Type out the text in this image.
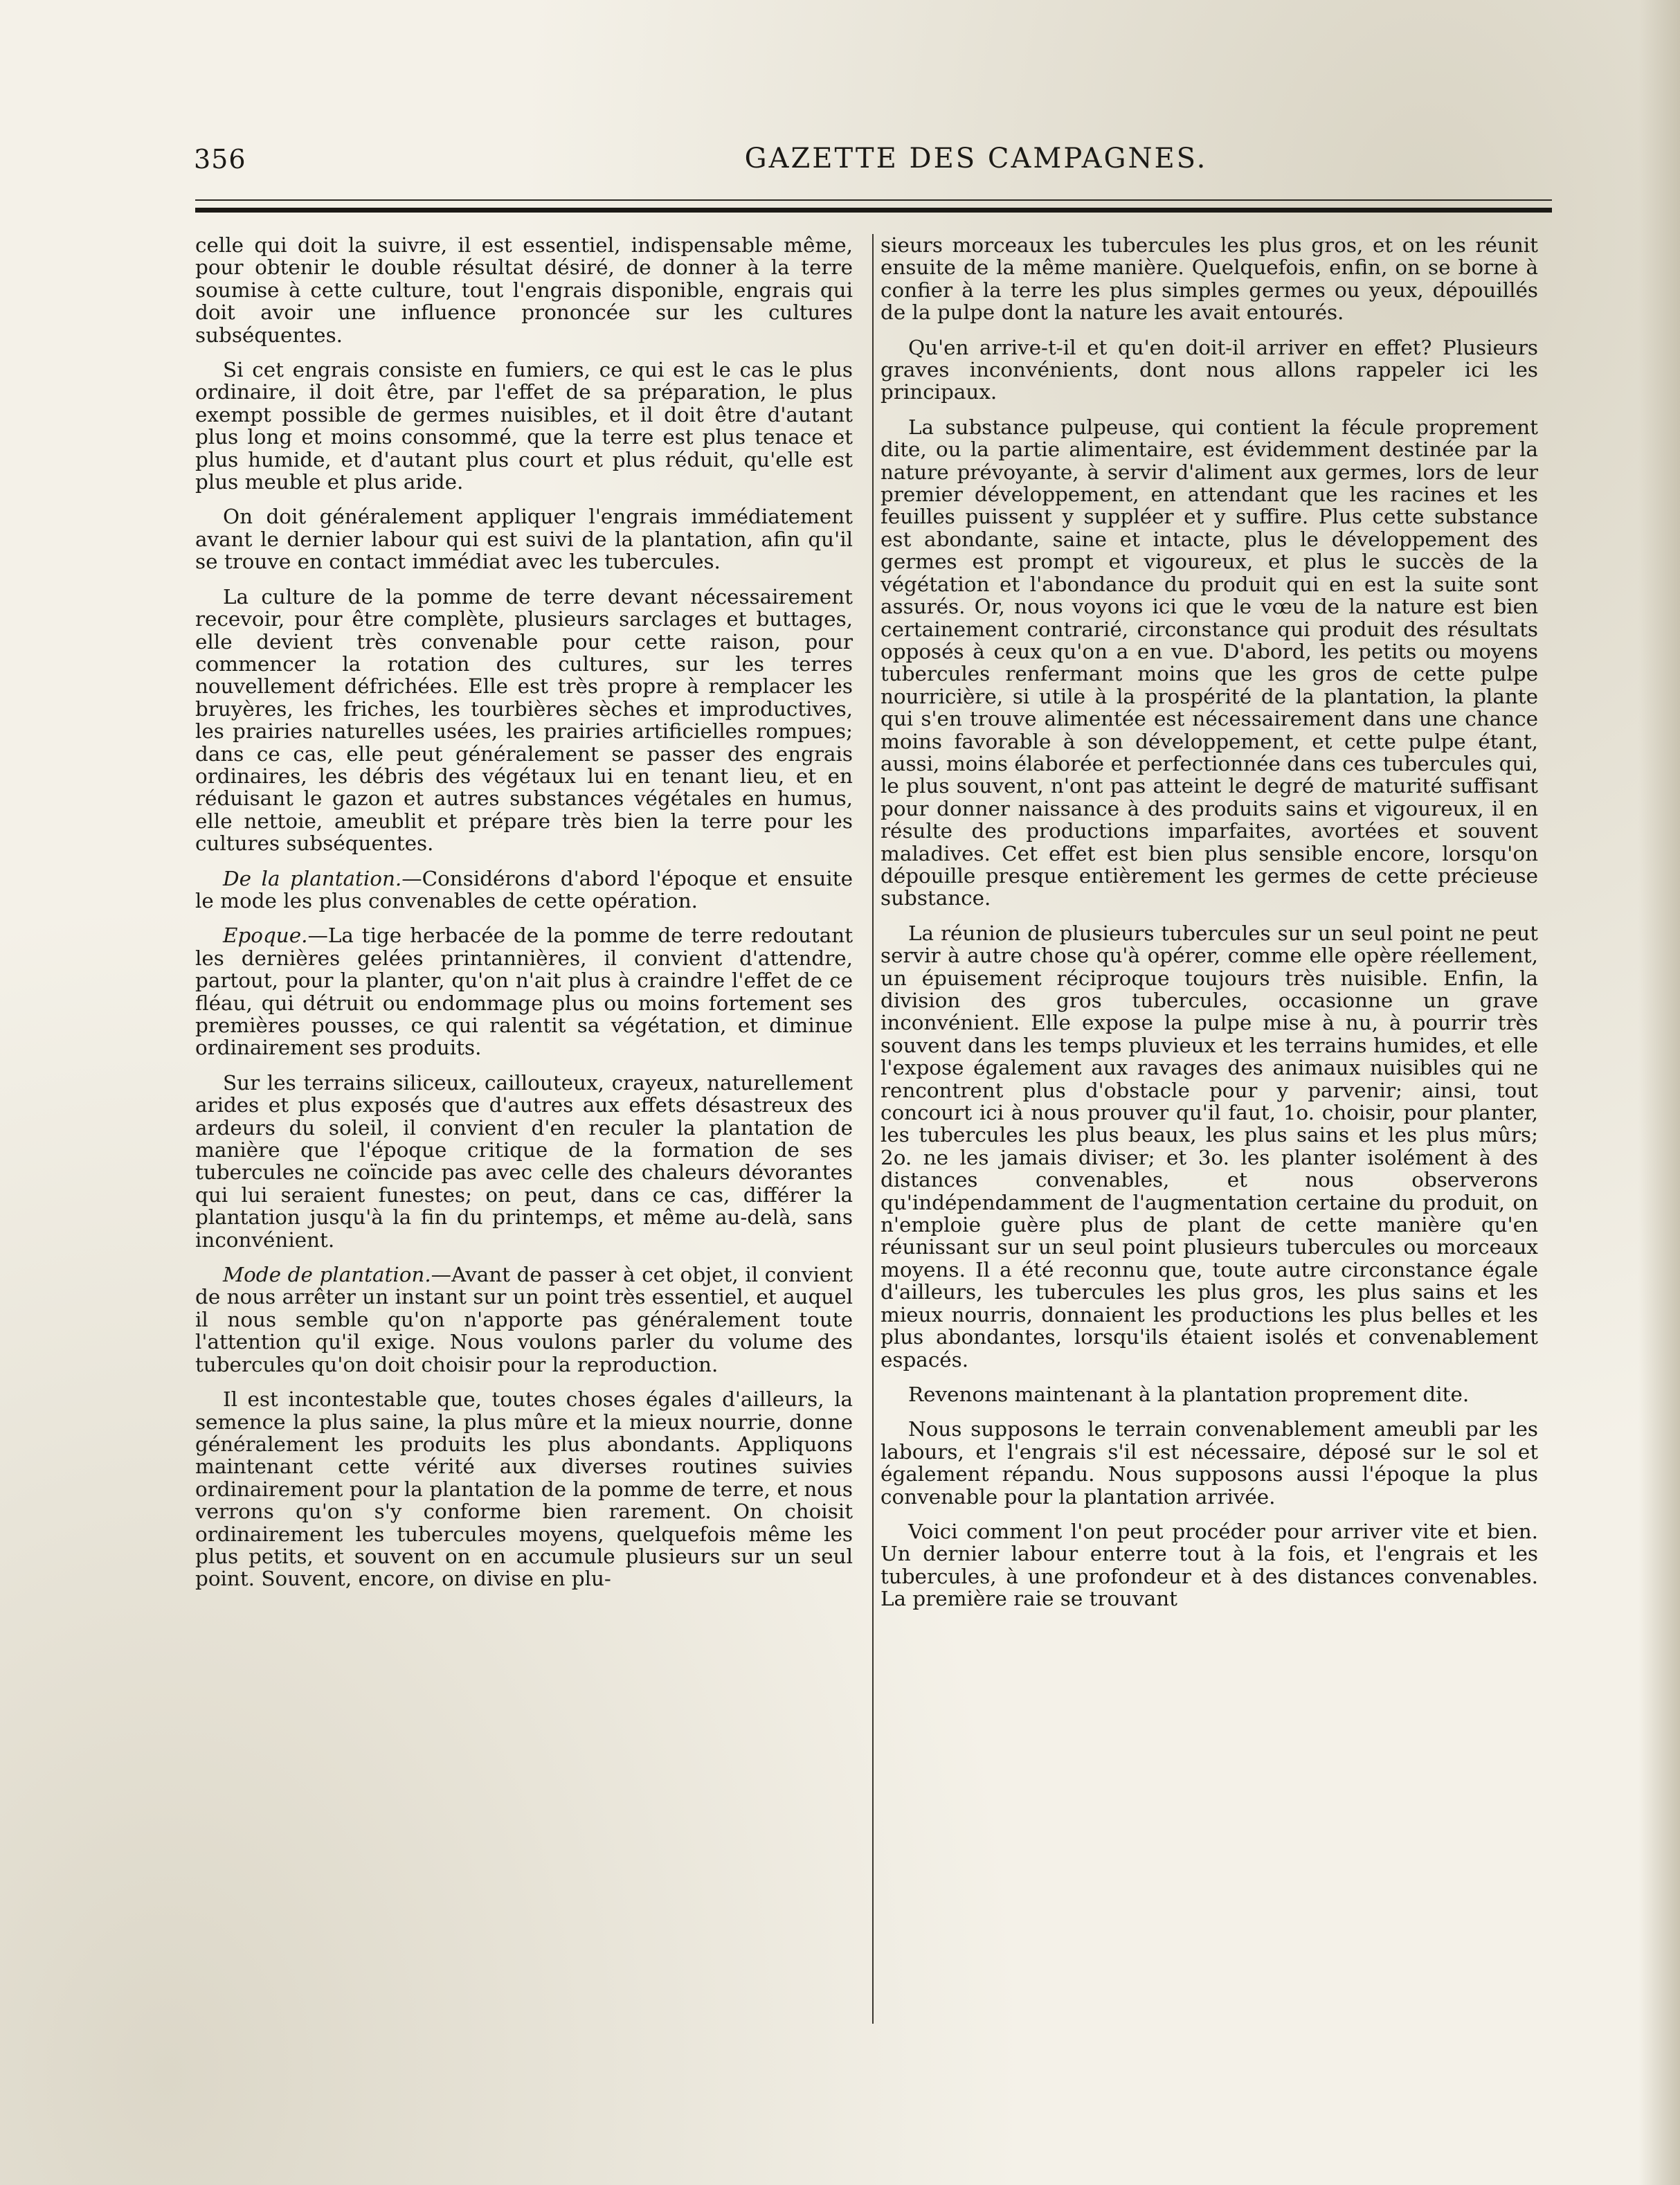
356	GAZETTE DES CAMPAGNES.

celle qui doit la suivre, il est essentiel, indispensable même, pour obtenir le double résultat désiré, de donner à la terre soumise à cette culture, tout l'engrais disponible, engrais qui doit avoir une influence prononcée sur les cultures subséquentes.

Si cet engrais consiste en fumiers, ce qui est le cas le plus ordinaire, il doit être, par l'effet de sa préparation, le plus exempt possible de germes nuisibles, et il doit être d'autant plus long et moins consommé, que la terre est plus tenace et plus humide, et d'autant plus court et plus réduit, qu'elle est plus meuble et plus aride.

On doit généralement appliquer l'engrais immédiatement avant le dernier labour qui est suivi de la plantation, afin qu'il se trouve en contact immédiat avec les tubercules.

La culture de la pomme de terre devant nécessairement recevoir, pour être complète, plusieurs sarclages et buttages, elle devient très convenable pour cette raison, pour commencer la rotation des cultures, sur les terres nouvellement défrichées. Elle est très propre à remplacer les bruyères, les friches, les tourbières sèches et improductives, les prairies naturelles usées, les prairies artificielles rompues; dans ce cas, elle peut généralement se passer des engrais ordinaires, les débris des végétaux lui en tenant lieu, et en réduisant le gazon et autres substances végétales en humus, elle nettoie, ameublit et prépare très bien la terre pour les cultures subséquentes.

De la plantation.—Considérons d'abord l'époque et ensuite le mode les plus convenables de cette opération.

Epoque.—La tige herbacée de la pomme de terre redoutant les dernières gelées printannières, il convient d'attendre, partout, pour la planter, qu'on n'ait plus à craindre l'effet de ce fléau, qui détruit ou endommage plus ou moins fortement ses premières pousses, ce qui ralentit sa végétation, et diminue ordinairement ses produits.

Sur les terrains siliceux, caillouteux, crayeux, naturellement arides et plus exposés que d'autres aux effets désastreux des ardeurs du soleil, il convient d'en reculer la plantation de manière que l'époque critique de la formation de ses tubercules ne coïncide pas avec celle des chaleurs dévorantes qui lui seraient funestes; on peut, dans ce cas, différer la plantation jusqu'à la fin du printemps, et même au-delà, sans inconvénient.

Mode de plantation.—Avant de passer à cet objet, il convient de nous arrêter un instant sur un point très essentiel, et auquel il nous semble qu'on n'apporte pas généralement toute l'attention qu'il exige. Nous voulons parler du volume des tubercules qu'on doit choisir pour la reproduction.

Il est incontestable que, toutes choses égales d'ailleurs, la semence la plus saine, la plus mûre et la mieux nourrie, donne généralement les produits les plus abondants. Appliquons maintenant cette vérité aux diverses routines suivies ordinairement pour la plantation de la pomme de terre, et nous verrons qu'on s'y conforme bien rarement. On choisit ordinairement les tubercules moyens, quelquefois même les plus petits, et souvent on en accumule plusieurs sur un seul point. Souvent, encore, on divise en plu-

sieurs morceaux les tubercules les plus gros, et on les réunit ensuite de la même manière. Quelquefois, enfin, on se borne à confier à la terre les plus simples germes ou yeux, dépouillés de la pulpe dont la nature les avait entourés.

Qu'en arrive-t-il et qu'en doit-il arriver en effet? Plusieurs graves inconvénients, dont nous allons rappeler ici les principaux.

La substance pulpeuse, qui contient la fécule proprement dite, ou la partie alimentaire, est évidemment destinée par la nature prévoyante, à servir d'aliment aux germes, lors de leur premier développement, en attendant que les racines et les feuilles puissent y suppléer et y suffire. Plus cette substance est abondante, saine et intacte, plus le développement des germes est prompt et vigoureux, et plus le succès de la végétation et l'abondance du produit qui en est la suite sont assurés. Or, nous voyons ici que le vœu de la nature est bien certainement contrarié, circonstance qui produit des résultats opposés à ceux qu'on a en vue. D'abord, les petits ou moyens tubercules renfermant moins que les gros de cette pulpe nourricière, si utile à la prospérité de la plantation, la plante qui s'en trouve alimentée est nécessairement dans une chance moins favorable à son développement, et cette pulpe étant, aussi, moins élaborée et perfectionnée dans ces tubercules qui, le plus souvent, n'ont pas atteint le degré de maturité suffisant pour donner naissance à des produits sains et vigoureux, il en résulte des productions imparfaites, avortées et souvent maladives. Cet effet est bien plus sensible encore, lorsqu'on dépouille presque entièrement les germes de cette précieuse substance.

La réunion de plusieurs tubercules sur un seul point ne peut servir à autre chose qu'à opérer, comme elle opère réellement, un épuisement réciproque toujours très nuisible. Enfin, la division des gros tubercules, occasionne un grave inconvénient. Elle expose la pulpe mise à nu, à pourrir très souvent dans les temps pluvieux et les terrains humides, et elle l'expose également aux ravages des animaux nuisibles qui ne rencontrent plus d'obstacle pour y parvenir; ainsi, tout concourt ici à nous prouver qu'il faut, 1o. choisir, pour planter, les tubercules les plus beaux, les plus sains et les plus mûrs; 2o. ne les jamais diviser; et 3o. les planter isolément à des distances convenables, et nous observerons qu'indépendamment de l'augmentation certaine du produit, on n'emploie guère plus de plant de cette manière qu'en réunissant sur un seul point plusieurs tubercules ou morceaux moyens. Il a été reconnu que, toute autre circonstance égale d'ailleurs, les tubercules les plus gros, les plus sains et les mieux nourris, donnaient les productions les plus belles et les plus abondantes, lorsqu'ils étaient isolés et convenablement espacés.

Revenons maintenant à la plantation proprement dite.

Nous supposons le terrain convenablement ameubli par les labours, et l'engrais s'il est nécessaire, déposé sur le sol et également répandu. Nous supposons aussi l'époque la plus convenable pour la plantation arrivée.

Voici comment l'on peut procéder pour arriver vite et bien. Un dernier labour enterre tout à la fois, et l'engrais et les tubercules, à une profondeur et à des distances convenables. La première raie se trouvant
